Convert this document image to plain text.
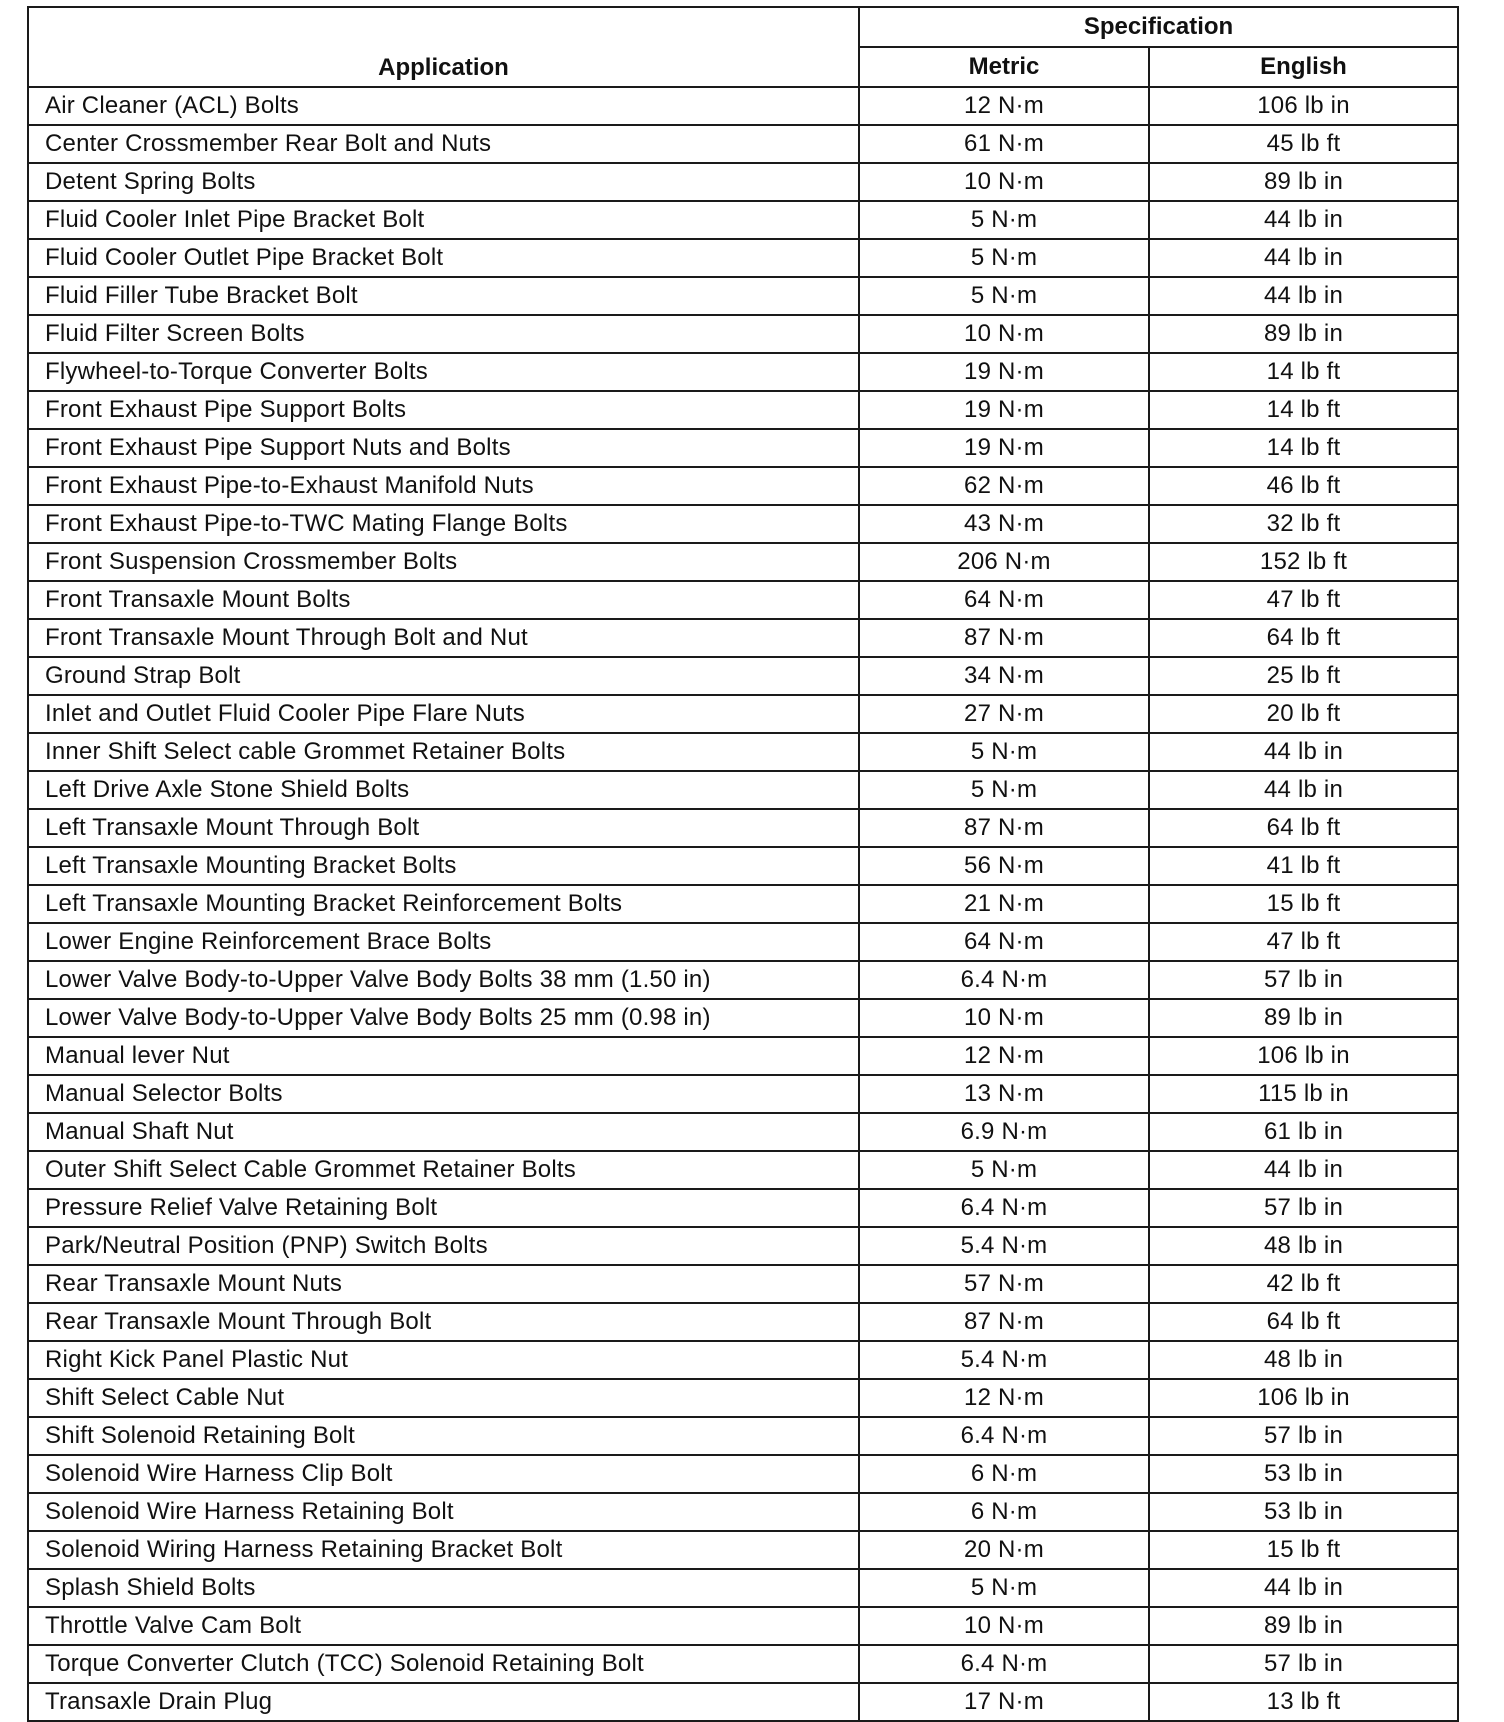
Application	Specification	
	Metric	English
Air Cleaner (ACL) Bolts	12 N·m	106 lb in
Center Crossmember Rear Bolt and Nuts	61 N·m	45 lb ft
Detent Spring Bolts	10 N·m	89 lb in
Fluid Cooler Inlet Pipe Bracket Bolt	5 N·m	44 lb in
Fluid Cooler Outlet Pipe Bracket Bolt	5 N·m	44 lb in
Fluid Filler Tube Bracket Bolt	5 N·m	44 lb in
Fluid Filter Screen Bolts	10 N·m	89 lb in
Flywheel-to-Torque Converter Bolts	19 N·m	14 lb ft
Front Exhaust Pipe Support Bolts	19 N·m	14 lb ft
Front Exhaust Pipe Support Nuts and Bolts	19 N·m	14 lb ft
Front Exhaust Pipe-to-Exhaust Manifold Nuts	62 N·m	46 lb ft
Front Exhaust Pipe-to-TWC Mating Flange Bolts	43 N·m	32 lb ft
Front Suspension Crossmember Bolts	206 N·m	152 lb ft
Front Transaxle Mount Bolts	64 N·m	47 lb ft
Front Transaxle Mount Through Bolt and Nut	87 N·m	64 lb ft
Ground Strap Bolt	34 N·m	25 lb ft
Inlet and Outlet Fluid Cooler Pipe Flare Nuts	27 N·m	20 lb ft
Inner Shift Select cable Grommet Retainer Bolts	5 N·m	44 lb in
Left Drive Axle Stone Shield Bolts	5 N·m	44 lb in
Left Transaxle Mount Through Bolt	87 N·m	64 lb ft
Left Transaxle Mounting Bracket Bolts	56 N·m	41 lb ft
Left Transaxle Mounting Bracket Reinforcement Bolts	21 N·m	15 lb ft
Lower Engine Reinforcement Brace Bolts	64 N·m	47 lb ft
Lower Valve Body-to-Upper Valve Body Bolts 38 mm (1.50 in)	6.4 N·m	57 lb in
Lower Valve Body-to-Upper Valve Body Bolts 25 mm (0.98 in)	10 N·m	89 lb in
Manual lever Nut	12 N·m	106 lb in
Manual Selector Bolts	13 N·m	115 lb in
Manual Shaft Nut	6.9 N·m	61 lb in
Outer Shift Select Cable Grommet Retainer Bolts	5 N·m	44 lb in
Pressure Relief Valve Retaining Bolt	6.4 N·m	57 lb in
Park/Neutral Position (PNP) Switch Bolts	5.4 N·m	48 lb in
Rear Transaxle Mount Nuts	57 N·m	42 lb ft
Rear Transaxle Mount Through Bolt	87 N·m	64 lb ft
Right Kick Panel Plastic Nut	5.4 N·m	48 lb in
Shift Select Cable Nut	12 N·m	106 lb in
Shift Solenoid Retaining Bolt	6.4 N·m	57 lb in
Solenoid Wire Harness Clip Bolt	6 N·m	53 lb in
Solenoid Wire Harness Retaining Bolt	6 N·m	53 lb in
Solenoid Wiring Harness Retaining Bracket Bolt	20 N·m	15 lb ft
Splash Shield Bolts	5 N·m	44 lb in
Throttle Valve Cam Bolt	10 N·m	89 lb in
Torque Converter Clutch (TCC) Solenoid Retaining Bolt	6.4 N·m	57 lb in
Transaxle Drain Plug	17 N·m	13 lb ft
